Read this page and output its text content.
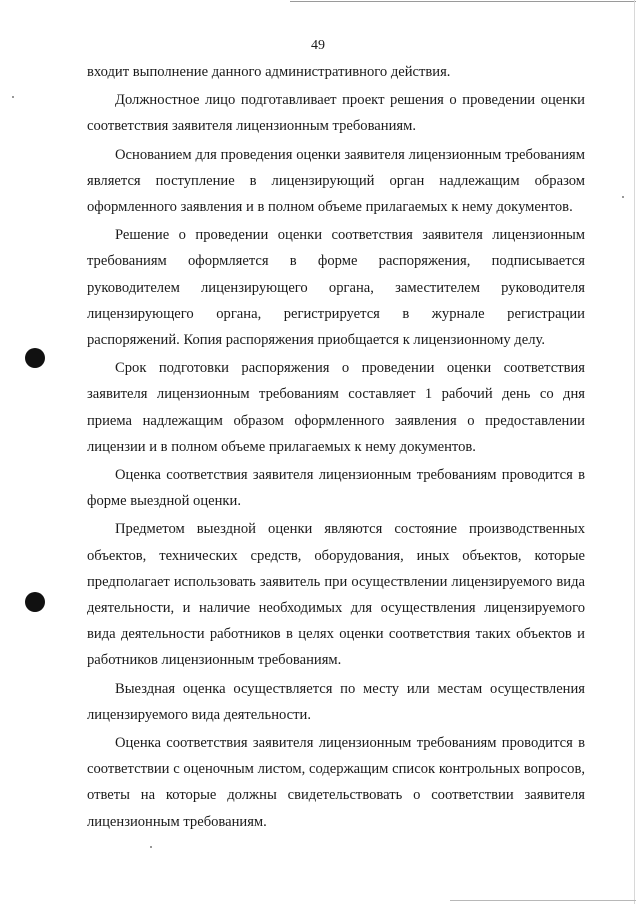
49

входит выполнение данного административного действия.

Должностное лицо подготавливает проект решения о проведении оценки соответствия заявителя лицензионным требованиям.

Основанием для проведения оценки заявителя лицензионным требованиям является поступление в лицензирующий орган надлежащим образом оформленного заявления и в полном объеме прилагаемых к нему документов.

Решение о проведении оценки соответствия заявителя лицензионным требованиям оформляется в форме распоряжения, подписывается руководителем лицензирующего органа, заместителем руководителя лицензирующего органа, регистрируется в журнале регистрации распоряжений. Копия распоряжения приобщается к лицензионному делу.

Срок подготовки распоряжения о проведении оценки соответствия заявителя лицензионным требованиям составляет 1 рабочий день со дня приема надлежащим образом оформленного заявления о предоставлении лицензии и в полном объеме прилагаемых к нему документов.

Оценка соответствия заявителя лицензионным требованиям проводится в форме выездной оценки.

Предметом выездной оценки являются состояние производственных объектов, технических средств, оборудования, иных объектов, которые предполагает использовать заявитель при осуществлении лицензируемого вида деятельности, и наличие необходимых для осуществления лицензируемого вида деятельности работников в целях оценки соответствия таких объектов и работников лицензионным требованиям.

Выездная оценка осуществляется по месту или местам осуществления лицензируемого вида деятельности.

Оценка соответствия заявителя лицензионным требованиям проводится в соответствии с оценочным листом, содержащим список контрольных вопросов, ответы на которые должны свидетельствовать о соответствии заявителя лицензионным требованиям.
